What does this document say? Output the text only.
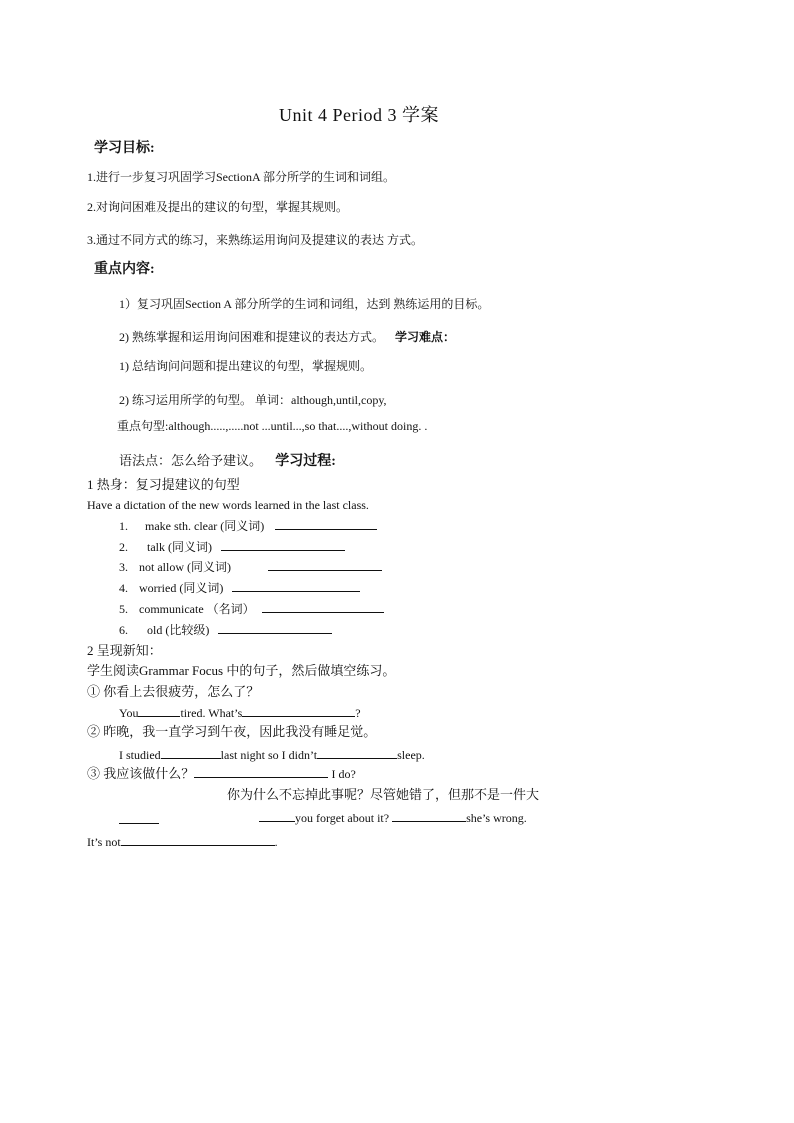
Unit 4 Period 3 学案
学习目标:
1.进行一步复习巩固学习SectionA 部分所学的生词和词组。
2.对询问困难及提出的建议的句型，掌握其规则。
3.通过不同方式的练习，来熟练运用询问及提建议的表达 方式。
重点内容:
1）复习巩固Section A 部分所学的生词和词组，达到 熟练运用的目标。
2) 熟练掌握和运用询问困难和提建议的表达方式。 学习难点：
1) 总结询问问题和提出建议的句型，掌握规则。
2) 练习运用所学的句型。 单词：although,until,copy,
重点句型:although.....,.....not ...until...,so that....,without doing. .
语法点：怎么给予建议。 学习过程:
1 热身：复习提建议的句型
Have a dictation of the new words learned in the last class.
1. make sth. clear (同义词)
2. talk (同义词)
3. not allow (同义词)
4. worried (同义词)
5. communicate （名词）
6. old (比较级)
2 呈现新知：
学生阅读Grammar Focus 中的句子，然后做填空练习。
① 你看上去很疲劳，怎么了？
You	tired. What’s	?
② 昨晚，我一直学习到午夜，因此我没有睡足觉。
I studied	last night so I didn’t	sleep.
③ 我应该做什么？	I do?
你为什么不忘掉此事呢？尽管她错了，但那不是一件大
you forget about it?	she’s wrong.
It’s not	.
